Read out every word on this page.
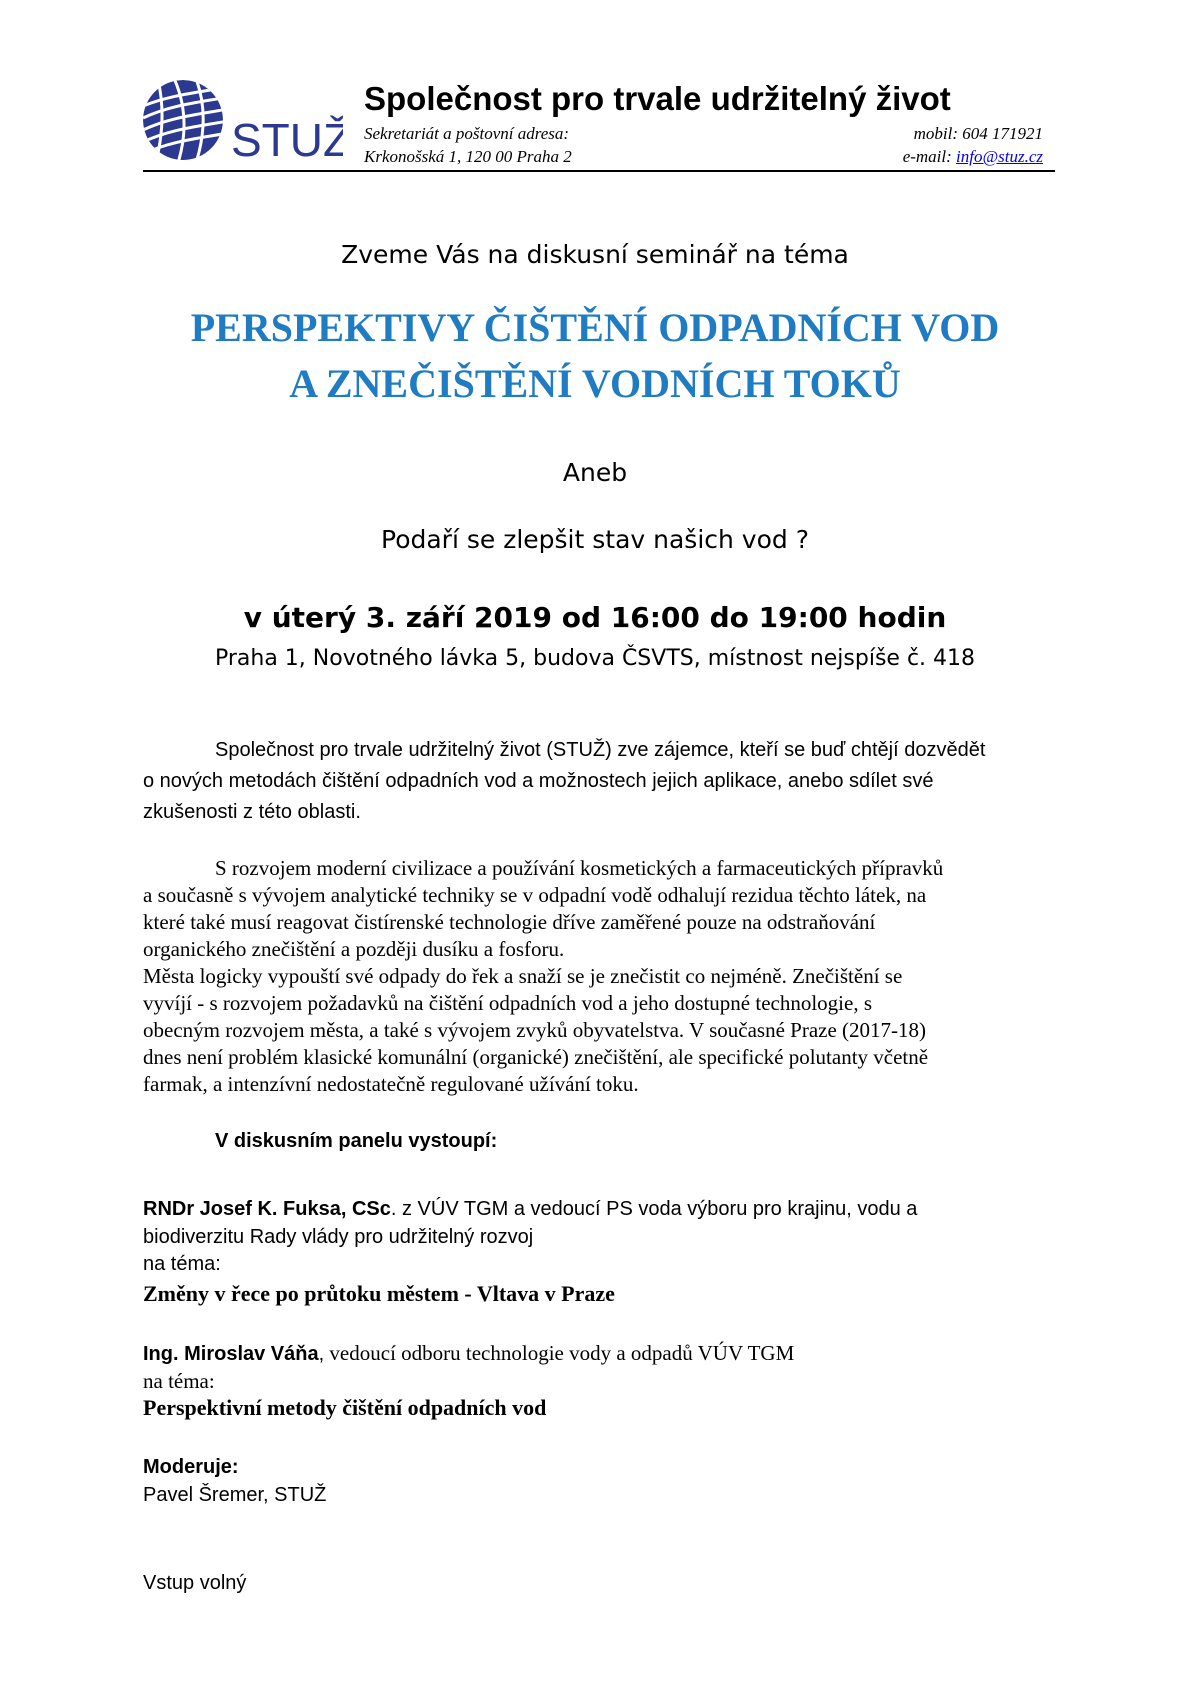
STUŽ
Společnost pro trvale udržitelný život
Sekretariát a poštovní adresa:
Krkonošská 1, 120 00 Praha 2
mobil: 604 171921
e-mail: info@stuz.cz
Zveme Vás na diskusní seminář na téma
PERSPEKTIVY ČIŠTĚNÍ ODPADNÍCH VOD
A ZNEČIŠTĚNÍ VODNÍCH TOKŮ
Aneb
Podaří se zlepšit stav našich vod ?
v úterý 3. září 2019 od 16:00 do 19:00 hodin
Praha 1, Novotného lávka 5, budova ČSVTS, místnost nejspíše č. 418
Společnost pro trvale udržitelný život (STUŽ) zve zájemce, kteří se buď chtějí dozvědět
o nových metodách čištění odpadních vod a možnostech jejich aplikace, anebo sdílet své
zkušenosti z této oblasti.
S rozvojem moderní civilizace a používání kosmetických a farmaceutických přípravků
a současně s vývojem analytické techniky se v odpadní vodě odhalují rezidua těchto látek, na
které také musí reagovat čistírenské technologie dříve zaměřené pouze na odstraňování
organického znečištění a později dusíku a fosforu.
Města logicky vypouští své odpady do řek a snaží se je znečistit co nejméně. Znečištění se
vyvíjí - s rozvojem požadavků na čištění odpadních vod a jeho dostupné technologie, s
obecným rozvojem města, a také s vývojem zvyků obyvatelstva. V současné Praze (2017-18)
dnes není problém klasické komunální (organické) znečištění, ale specifické polutanty včetně
farmak, a intenzívní nedostatečně regulované užívání toku.
V diskusním panelu vystoupí:
RNDr Josef K. Fuksa, CSc. z VÚV TGM a vedoucí PS voda výboru pro krajinu, vodu a
biodiverzitu Rady vlády pro udržitelný rozvoj
na téma:
Změny v řece po průtoku městem - Vltava v Praze
Ing. Miroslav Váňa, vedoucí odboru technologie vody a odpadů VÚV TGM
na téma:
Perspektivní metody čištění odpadních vod
Moderuje:
Pavel Šremer, STUŽ
Vstup volný
